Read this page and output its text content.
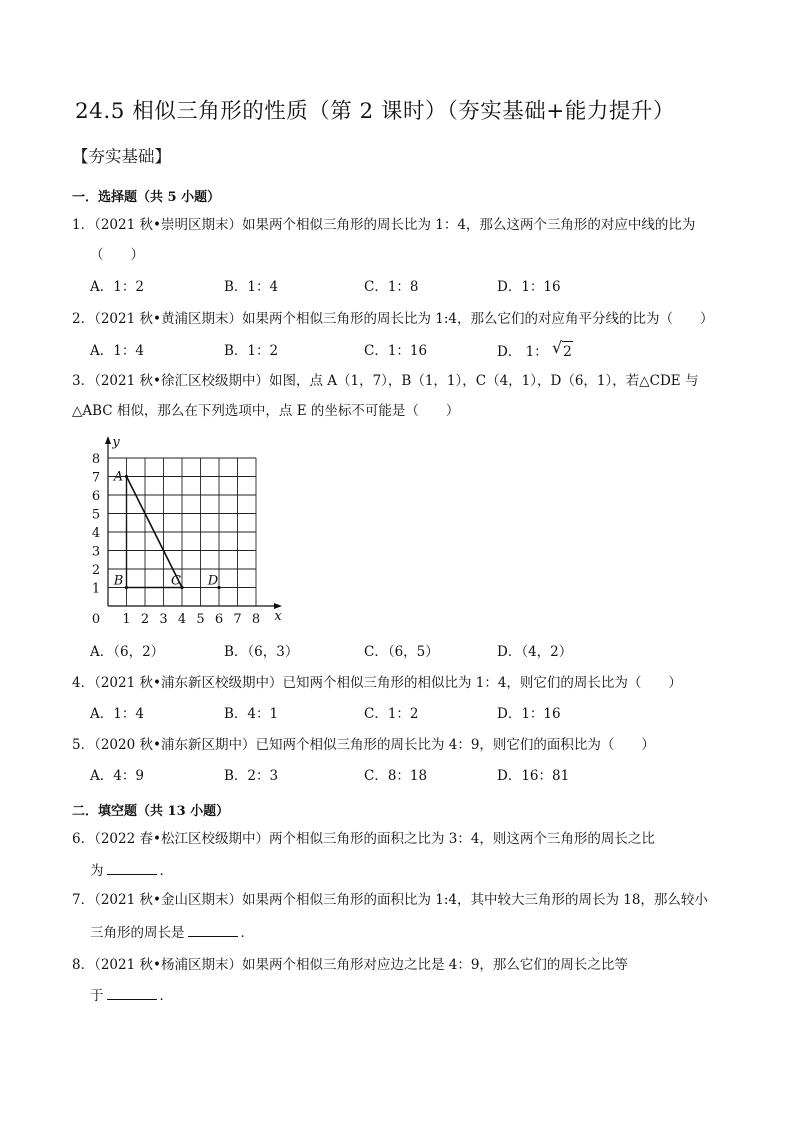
24.5 相似三角形的性质（第 2 课时）（夯实基础+能力提升）
【夯实基础】
一．选择题（共 5 小题）
1．（2021 秋•崇明区期末）如果两个相似三角形的周长比为 1：4，那么这两个三角形的对应中线的比为
（　　）
A．1：2	B．1：4	C．1：8	D．1：16
2．（2021 秋•黄浦区期末）如果两个相似三角形的周长比为 1:4，那么它们的对应角平分线的比为（　　）
A．1：4	B．1：2	C．1：16	D． 1： √ 2
3．（2021 秋•徐汇区校级期中）如图，点 A（1，7），B（1，1），C（4，1），D（6，1），若△CDE 与
△ABC 相似，那么在下列选项中，点 E 的坐标不可能是（　　）
1 2 3 4 5 6 7 8
1
2
3
4
5
6
7
8
0	x
y
A
B	C D
A．（6，2）	B．（6，3）	C．（6，5）	D．（4，2）
4．（2021 秋•浦东新区校级期中）已知两个相似三角形的相似比为 1：4，则它们的周长比为（　　）
A．1：4	B．4：1	C．1：2	D．1：16
5．（2020 秋•浦东新区期中）已知两个相似三角形的周长比为 4：9，则它们的面积比为（　　）
A．4：9	B．2：3	C．8：18	D．16：81
二．填空题（共 13 小题）
6．（2022 春•松江区校级期中）两个相似三角形的面积之比为 3：4，则这两个三角形的周长之比
为	．
7．（2021 秋•金山区期末）如果两个相似三角形的面积比为 1:4，其中较大三角形的周长为 18，那么较小
三角形的周长是	．
8．（2021 秋•杨浦区期末）如果两个相似三角形对应边之比是 4：9，那么它们的周长之比等
于	．
